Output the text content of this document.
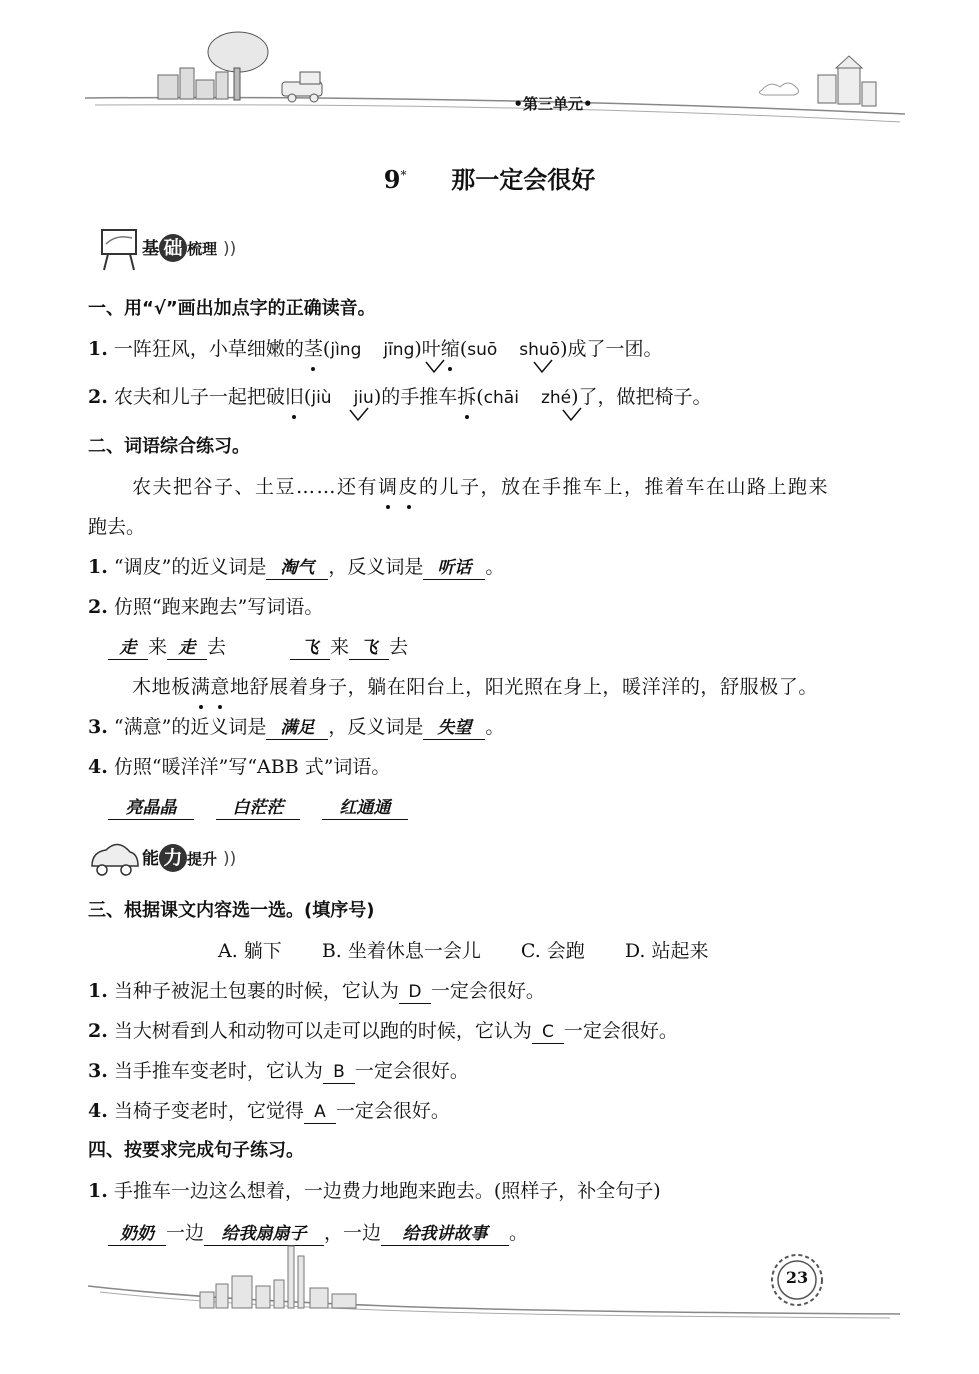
•第三单元•
9* 那一定会很好
基 础 梳理 ))
一、用“√”画出加点字的正确读音。
1. 一阵狂风，小草细嫩的茎(jìng jīng)叶缩(suō shuō)成了一团。
2. 农夫和儿子一起把破旧(jiù jiu)的手推车拆(chāi zhé)了，做把椅子。
二、词语综合练习。
农夫把谷子、土豆……还有调皮的儿子，放在手推车上，推着车在山路上跑来
跑去。
1. “调皮”的近义词是 淘气 ，反义词是 听话 。
2. 仿照“跑来跑去”写词语。
走 来 走 去	飞 来 飞 去
木地板满意地舒展着身子，躺在阳台上，阳光照在身上，暖洋洋的，舒服极了。
3. “满意”的近义词是 满足 ，反义词是 失望 。
4. 仿照“暖洋洋”写“ABB 式”词语。
亮晶晶	白茫茫	红通通
能 力 提升 ))
三、根据课文内容选一选。(填序号)
A. 躺下 B. 坐着休息一会儿 C. 会跑 D. 站起来
1. 当种子被泥土包裹的时候，它认为 D 一定会很好。
2. 当大树看到人和动物可以走可以跑的时候，它认为 C 一定会很好。
3. 当手推车变老时，它认为 B 一定会很好。
4. 当椅子变老时，它觉得 A 一定会很好。
四、按要求完成句子练习。
1. 手推车一边这么想着，一边费力地跑来跑去。(照样子，补全句子)
奶奶 一边 给我扇扇子 ，一边 给我讲故事 。
23
